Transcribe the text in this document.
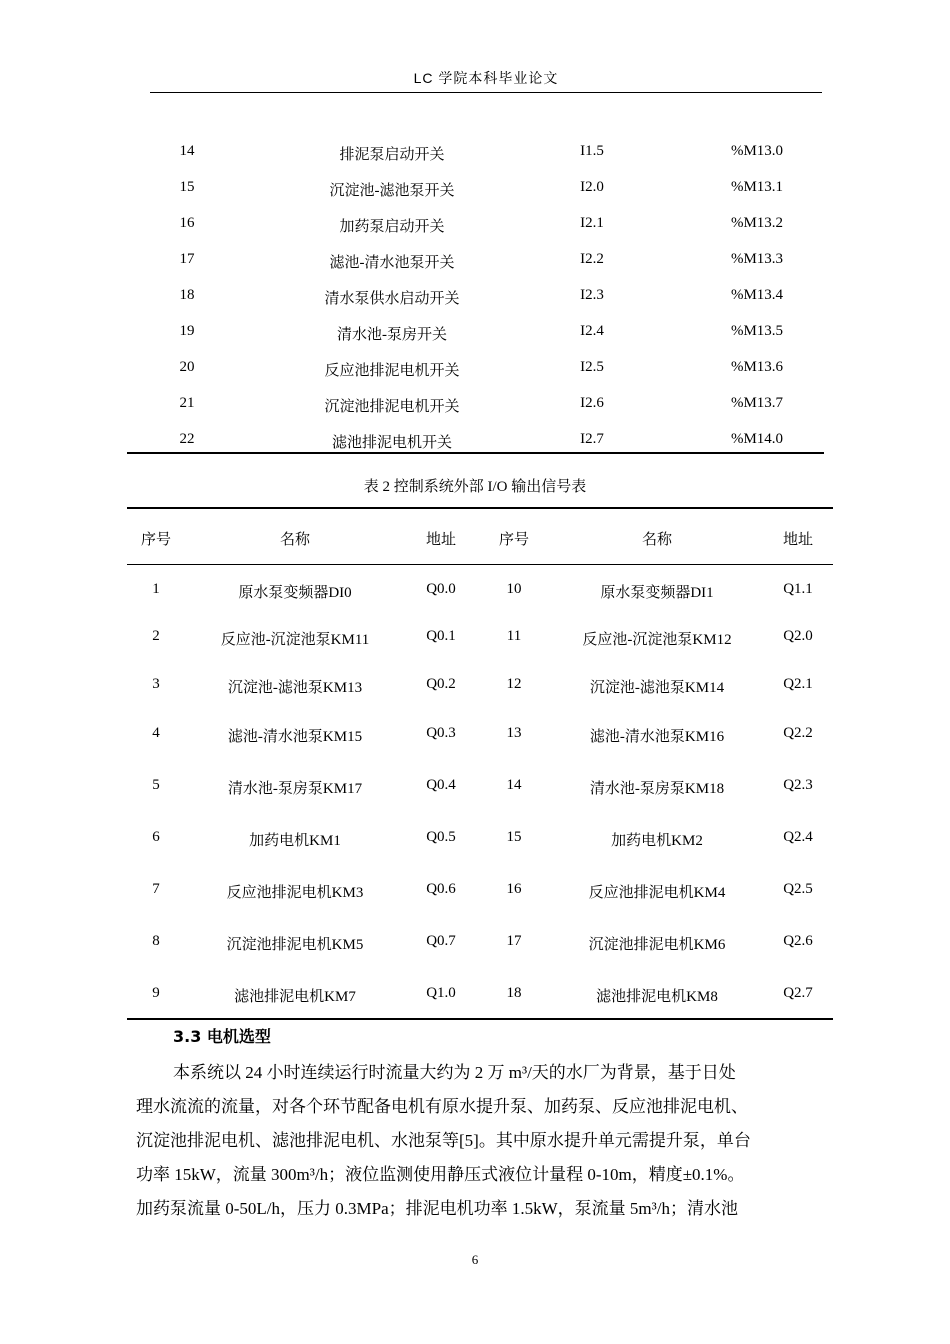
LC 学院本科毕业论文
14	排泥泵启动开关	I1.5	%M13.0
15	沉淀池-滤池泵开关	I2.0	%M13.1
16	加药泵启动开关	I2.1	%M13.2
17	滤池-清水池泵开关	I2.2	%M13.3
18	清水泵供水启动开关	I2.3	%M13.4
19	清水池-泵房开关	I2.4	%M13.5
20	反应池排泥电机开关	I2.5	%M13.6
21	沉淀池排泥电机开关	I2.6	%M13.7
22	滤池排泥电机开关	I2.7	%M14.0
表 2 控制系统外部 I/O 输出信号表
序号	名称	地址	序号	名称	地址
1	原水泵变频器DI0	Q0.0	10	原水泵变频器DI1	Q1.1
2	反应池-沉淀池泵KM11	Q0.1	11	反应池-沉淀池泵KM12	Q2.0
3	沉淀池-滤池泵KM13	Q0.2	12	沉淀池-滤池泵KM14	Q2.1
4	滤池-清水池泵KM15	Q0.3	13	滤池-清水池泵KM16	Q2.2
5	清水池-泵房泵KM17	Q0.4	14	清水池-泵房泵KM18	Q2.3
6	加药电机KM1	Q0.5	15	加药电机KM2	Q2.4
7	反应池排泥电机KM3	Q0.6	16	反应池排泥电机KM4	Q2.5
8	沉淀池排泥电机KM5	Q0.7	17	沉淀池排泥电机KM6	Q2.6
9	滤池排泥电机KM7	Q1.0	18	滤池排泥电机KM8	Q2.7
3.3 电机选型
本系统以 24 小时连续运行时流量大约为 2 万 m³/天的水厂为背景，基于日处
理水流流的流量，对各个环节配备电机有原水提升泵、加药泵、反应池排泥电机、
沉淀池排泥电机、滤池排泥电机、水池泵等[5]。其中原水提升单元需提升泵，单台
功率 15kW，流量 300m³/h；液位监测使用静压式液位计量程 0-10m，精度±0.1%。
加药泵流量 0-50L/h，压力 0.3MPa；排泥电机功率 1.5kW，泵流量 5m³/h；清水池
6
